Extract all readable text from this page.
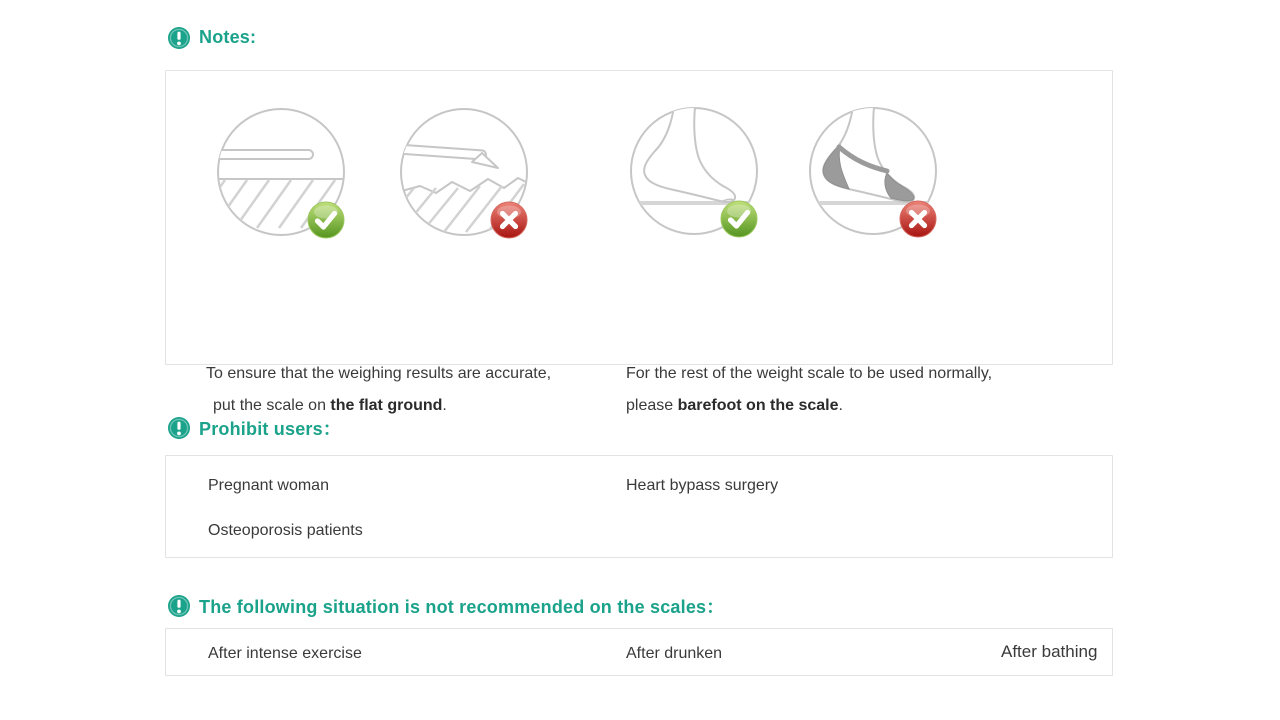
Notes:
To ensure that the weighing results are accurate,
put the scale on the flat ground.
For the rest of the weight scale to be used normally,
please barefoot on the scale.
Prohibit users：
Pregnant woman	Heart bypass surgery
Osteoporosis patients
The following situation is not recommended on the scales：
After intense exercise	After drunken	After bathing
